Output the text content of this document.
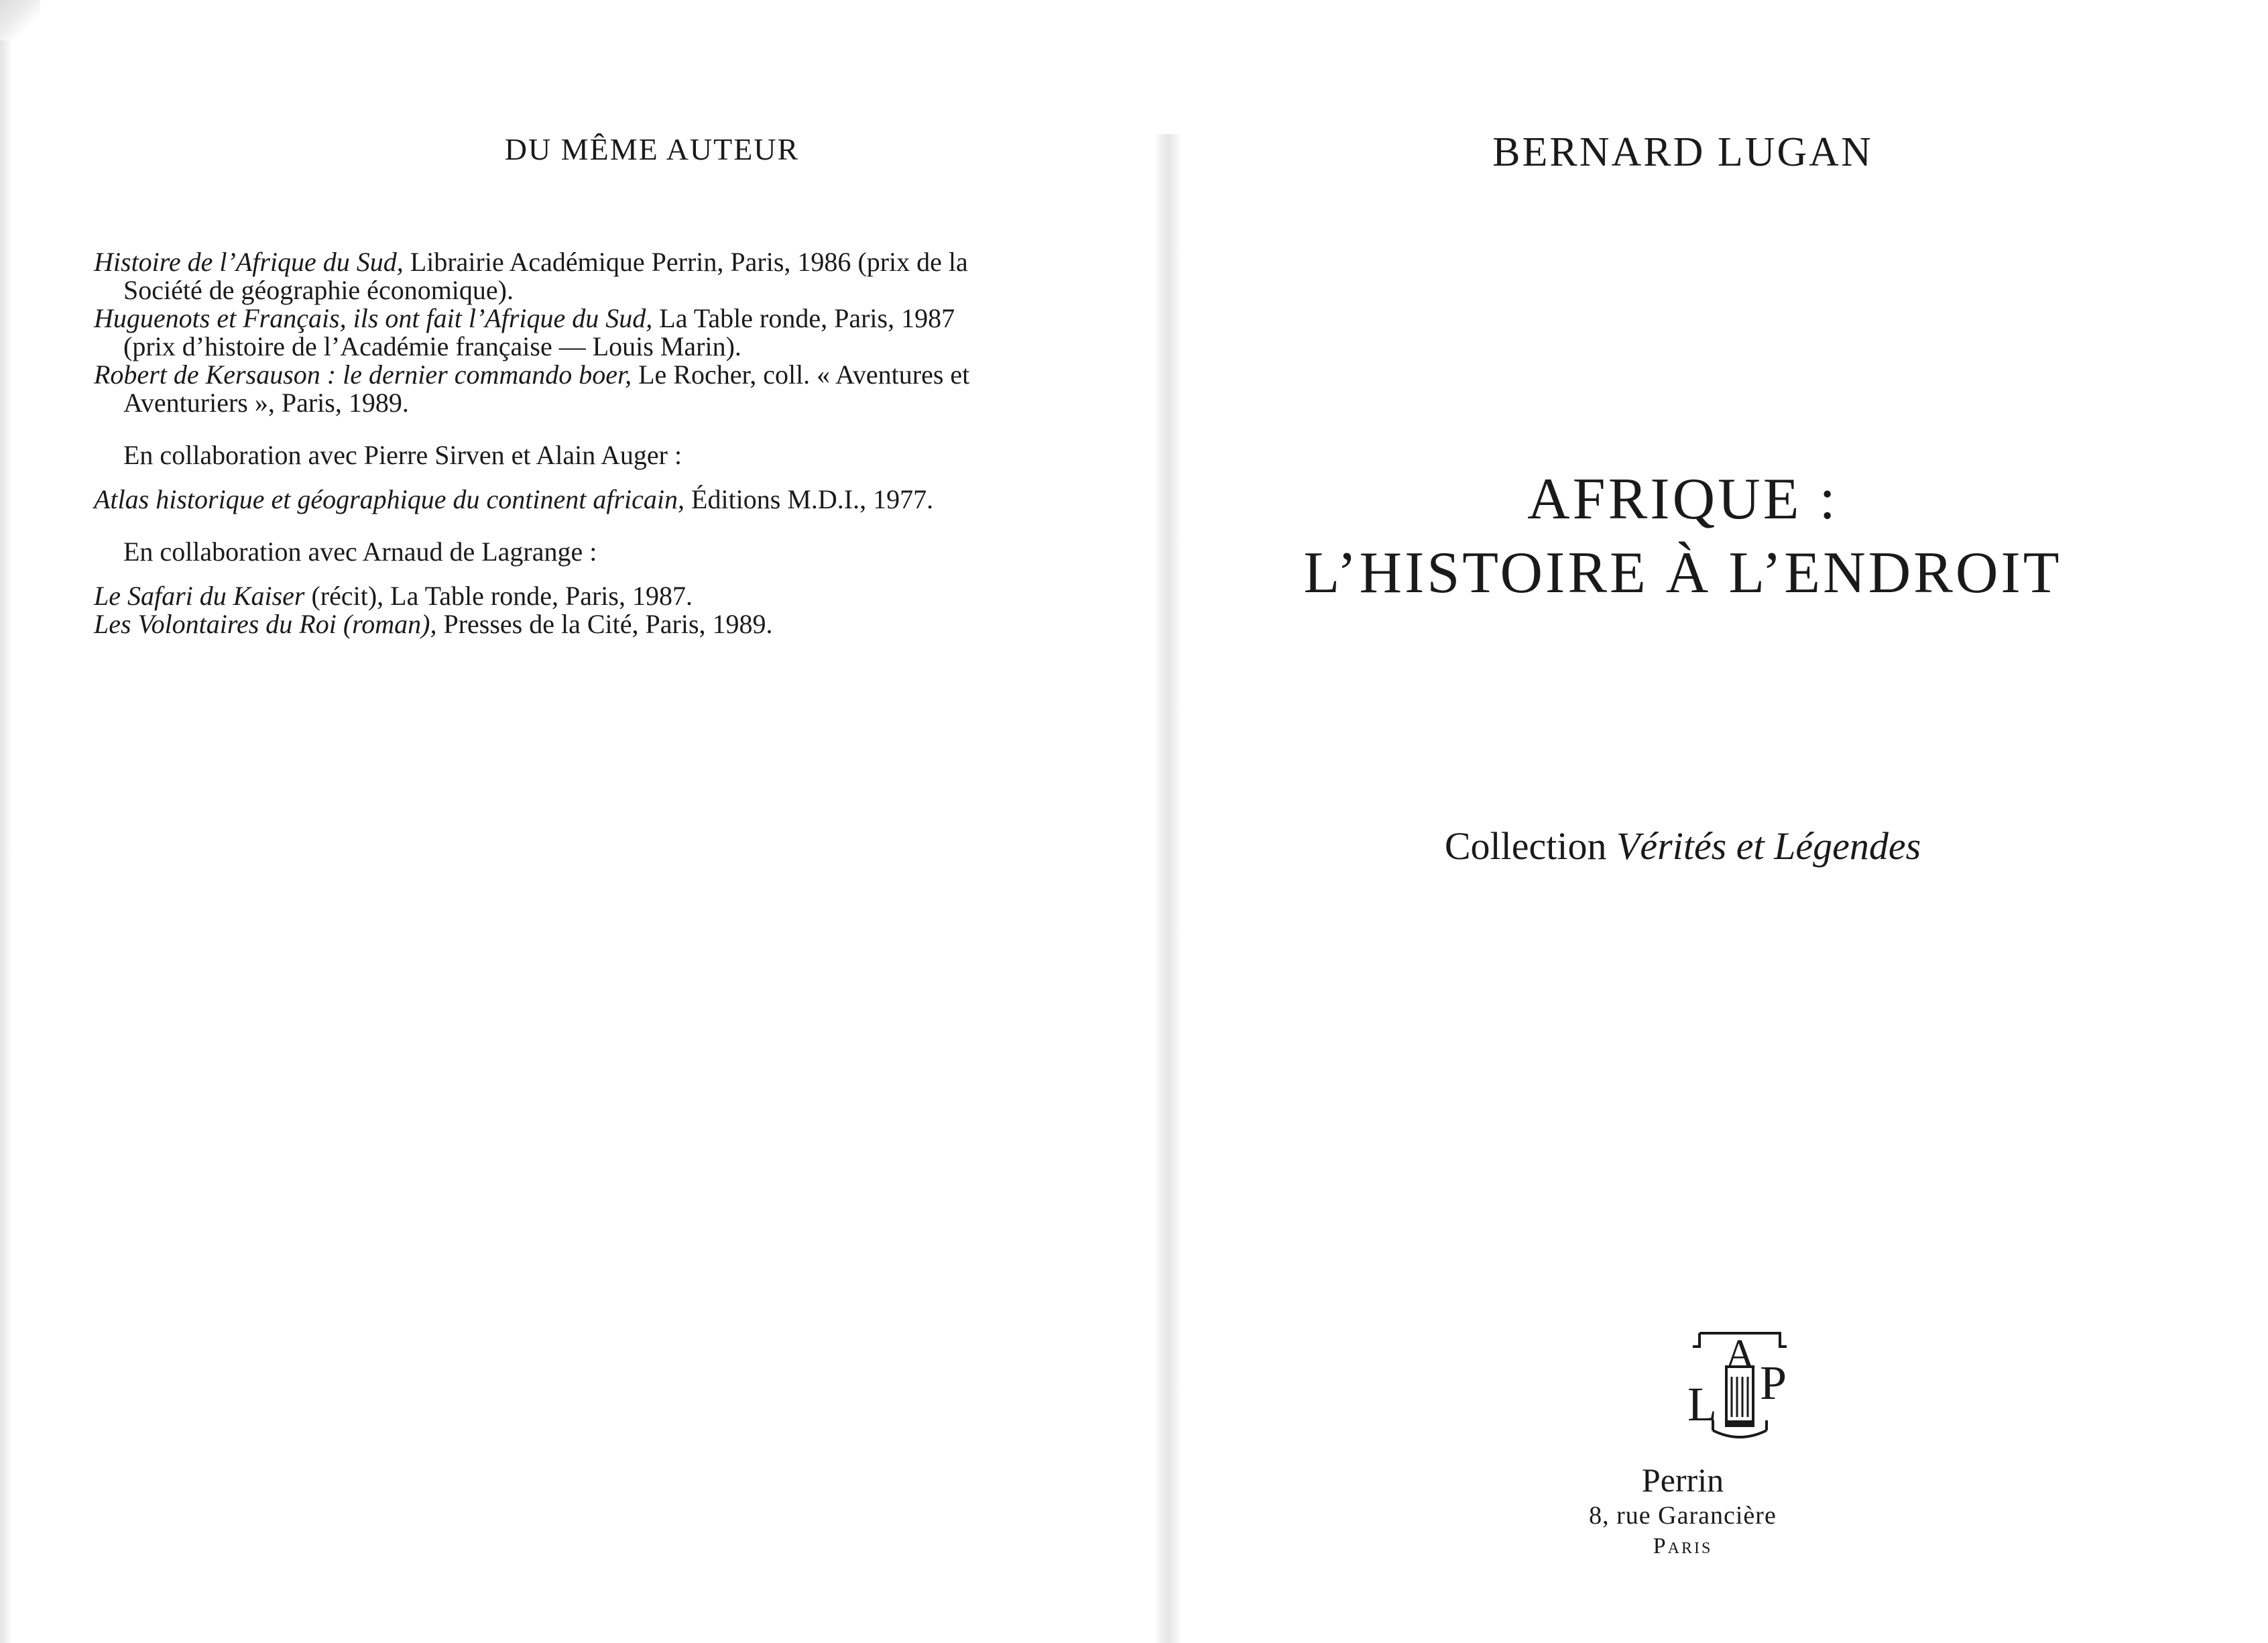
DU MÊME AUTEUR

Histoire de l’Afrique du Sud, Librairie Académique Perrin, Paris, 1986 (prix de la Société de géographie économique).

Huguenots et Français, ils ont fait l’Afrique du Sud, La Table ronde, Paris, 1987 (prix d’histoire de l’Académie française — Louis Marin).

Robert de Kersauson : le dernier commando boer, Le Rocher, coll. « Aventures et Aventuriers », Paris, 1989.

En collaboration avec Pierre Sirven et Alain Auger :

Atlas historique et géographique du continent africain, Éditions M.D.I., 1977.

En collaboration avec Arnaud de Lagrange :

Le Safari du Kaiser (récit), La Table ronde, Paris, 1987.

Les Volontaires du Roi (roman), Presses de la Cité, Paris, 1989.

BERNARD LUGAN
AFRIQUE :
L’HISTOIRE À L’ENDROIT
Collection Vérités et Légendes
L
A
P
Perrin
8, rue Garancière
Paris
